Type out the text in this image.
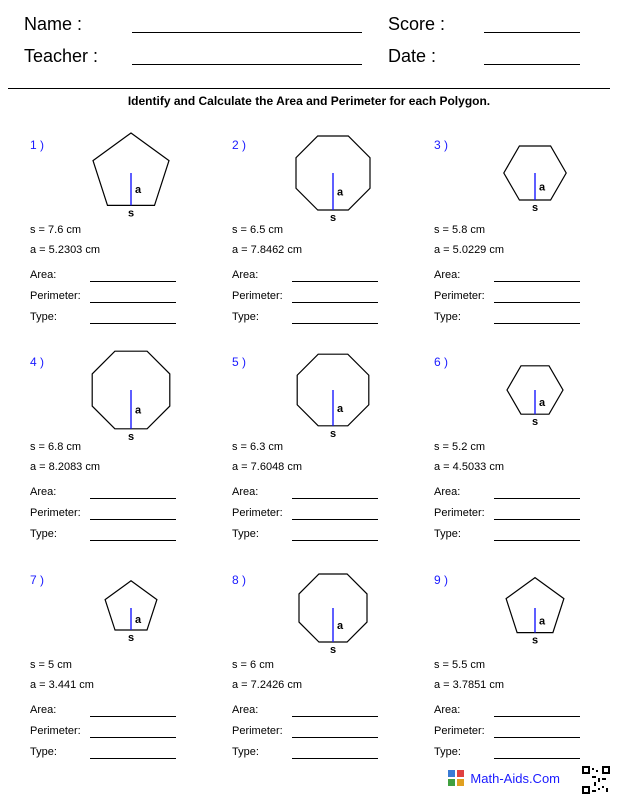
Name :
Teacher :
Score :
Date :
Identify and Calculate the Area and Perimeter for each Polygon.
1 )
a
s
s = 7.6 cm
a = 5.2303 cm
Area:
Perimeter:
Type:
2 )
a
s
s = 6.5 cm
a = 7.8462 cm
Area:
Perimeter:
Type:
3 )
a
s
s = 5.8 cm
a = 5.0229 cm
Area:
Perimeter:
Type:
4 )
a
s
s = 6.8 cm
a = 8.2083 cm
Area:
Perimeter:
Type:
5 )
a
s
s = 6.3 cm
a = 7.6048 cm
Area:
Perimeter:
Type:
6 )
a
s
s = 5.2 cm
a = 4.5033 cm
Area:
Perimeter:
Type:
7 )
a
s
s = 5 cm
a = 3.441 cm
Area:
Perimeter:
Type:
8 )
a
s
s = 6 cm
a = 7.2426 cm
Area:
Perimeter:
Type:
9 )
a
s
s = 5.5 cm
a = 3.7851 cm
Area:
Perimeter:
Type:
Math-Aids.Com
